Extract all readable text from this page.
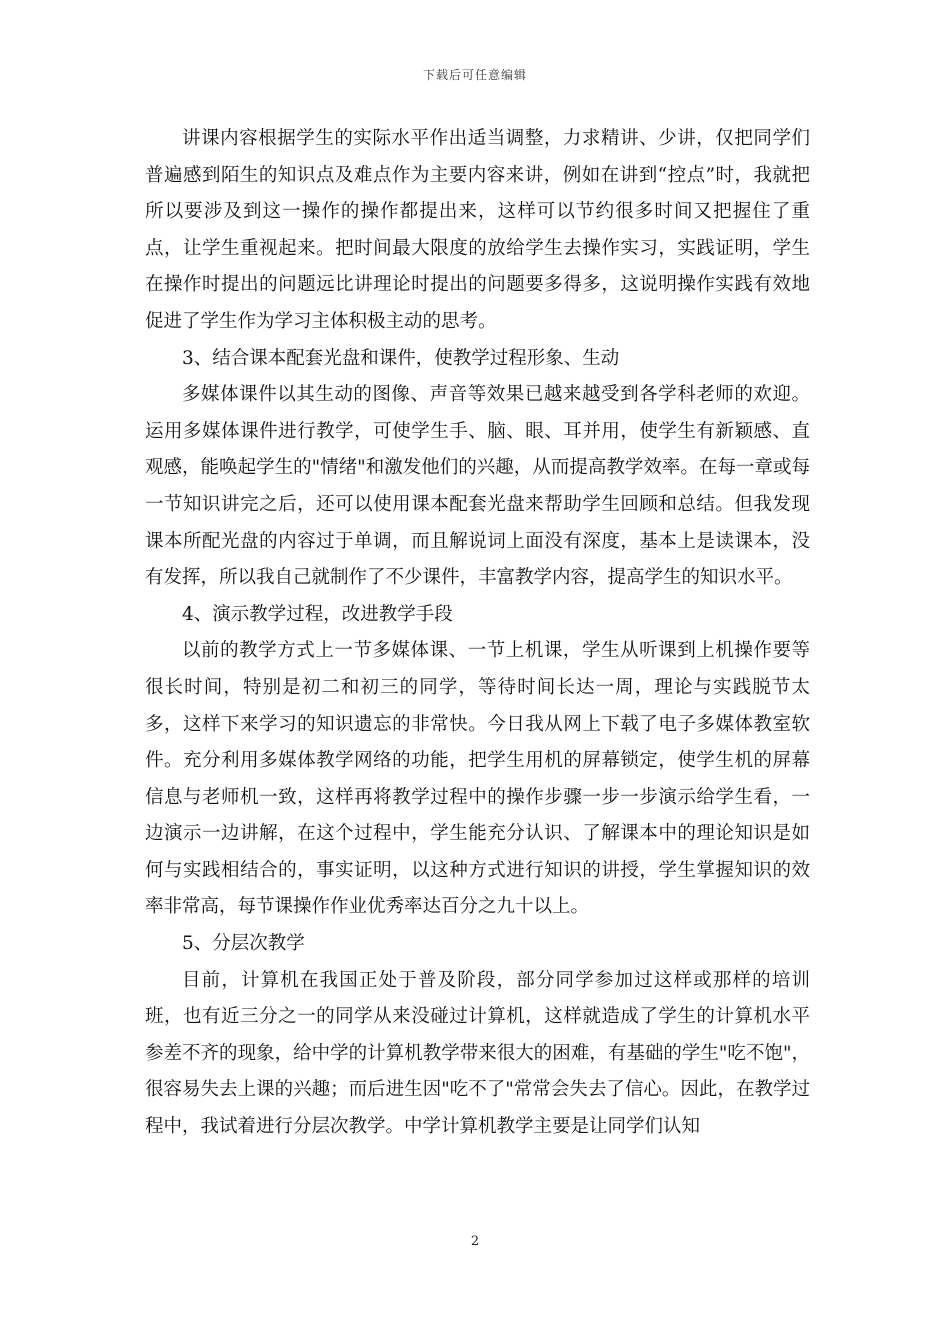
下载后可任意编辑

讲课内容根据学生的实际水平作出适当调整，力求精讲、少讲，仅把同学们普遍感到陌生的知识点及难点作为主要内容来讲，例如在讲到“控点”时，我就把所以要涉及到这一操作的操作都提出来，这样可以节约很多时间又把握住了重点，让学生重视起来。把时间最大限度的放给学生去操作实习，实践证明，学生在操作时提出的问题远比讲理论时提出的问题要多得多，这说明操作实践有效地促进了学生作为学习主体积极主动的思考。

3、结合课本配套光盘和课件，使教学过程形象、生动

多媒体课件以其生动的图像、声音等效果已越来越受到各学科老师的欢迎。运用多媒体课件进行教学，可使学生手、脑、眼、耳并用，使学生有新颖感、直观感，能唤起学生的"情绪"和激发他们的兴趣，从而提高教学效率。在每一章或每一节知识讲完之后，还可以使用课本配套光盘来帮助学生回顾和总结。但我发现课本所配光盘的内容过于单调，而且解说词上面没有深度，基本上是读课本，没有发挥，所以我自己就制作了不少课件，丰富教学内容，提高学生的知识水平。

4、演示教学过程，改进教学手段

以前的教学方式上一节多媒体课、一节上机课，学生从听课到上机操作要等很长时间，特别是初二和初三的同学，等待时间长达一周，理论与实践脱节太多，这样下来学习的知识遗忘的非常快。今日我从网上下载了电子多媒体教室软件。充分利用多媒体教学网络的功能，把学生用机的屏幕锁定，使学生机的屏幕信息与老师机一致，这样再将教学过程中的操作步骤一步一步演示给学生看，一边演示一边讲解，在这个过程中，学生能充分认识、了解课本中的理论知识是如何与实践相结合的，事实证明，以这种方式进行知识的讲授，学生掌握知识的效率非常高，每节课操作作业优秀率达百分之九十以上。

5、分层次教学

目前，计算机在我国正处于普及阶段，部分同学参加过这样或那样的培训班，也有近三分之一的同学从来没碰过计算机，这样就造成了学生的计算机水平参差不齐的现象，给中学的计算机教学带来很大的困难，有基础的学生"吃不饱"，很容易失去上课的兴趣；而后进生因"吃不了"常常会失去了信心。因此，在教学过程中，我试着进行分层次教学。中学计算机教学主要是让同学们认知

2
